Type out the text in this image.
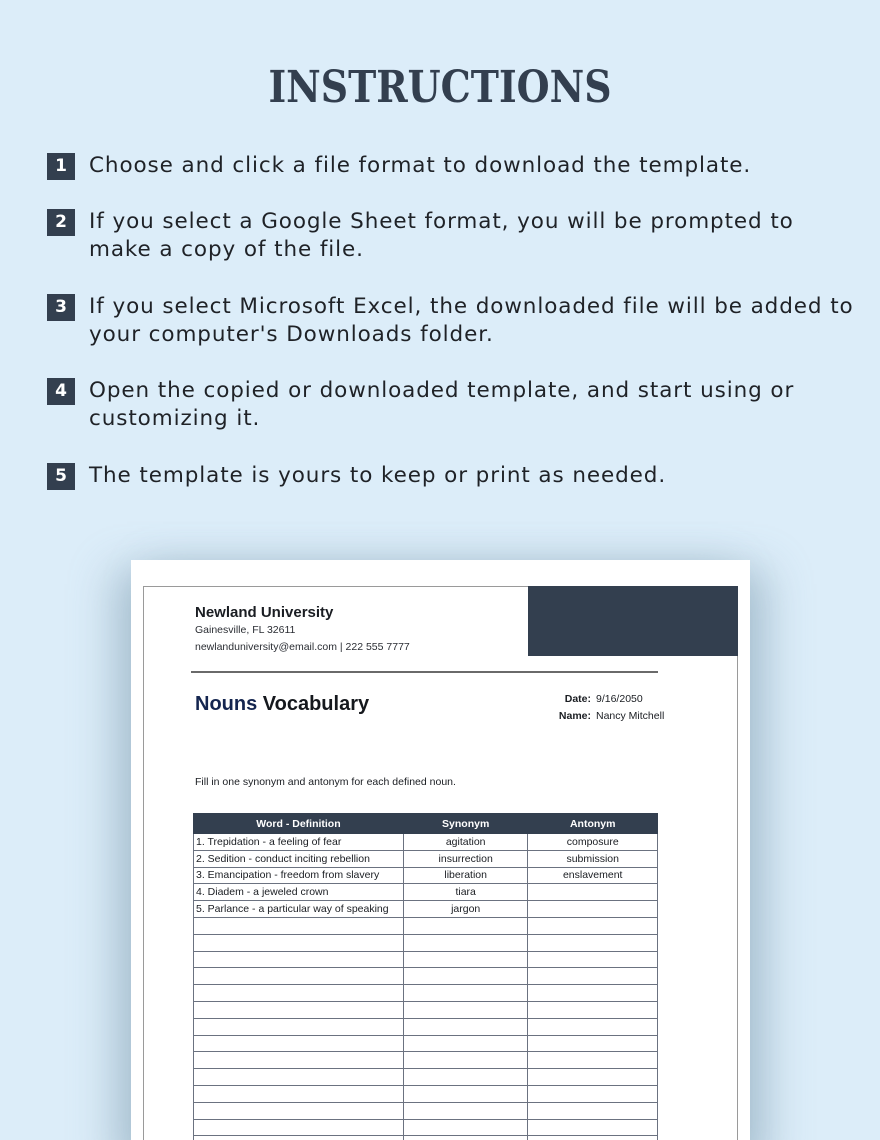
INSTRUCTIONS
1	Choose and click a file format to download the template.
2	If you select a Google Sheet format, you will be prompted to make a copy of the file.
3	If you select Microsoft Excel, the downloaded file will be added to your computer's Downloads folder.
4	Open the copied or downloaded template, and start using or customizing it.
5	The template is yours to keep or print as needed.
Newland University
Gainesville, FL 32611
newlanduniversity@email.com | 222 555 7777
Nouns Vocabulary	Date: 9/16/2050
Name: Nancy Mitchell
Fill in one synonym and antonym for each defined noun.
Word - Definition	Synonym	Antonym
1. Trepidation - a feeling of fear	agitation	composure
2. Sedition - conduct inciting rebellion	insurrection	submission
3. Emancipation - freedom from slavery	liberation	enslavement
4. Diadem - a jeweled crown	tiara	
5. Parlance - a particular way of speaking	jargon	
